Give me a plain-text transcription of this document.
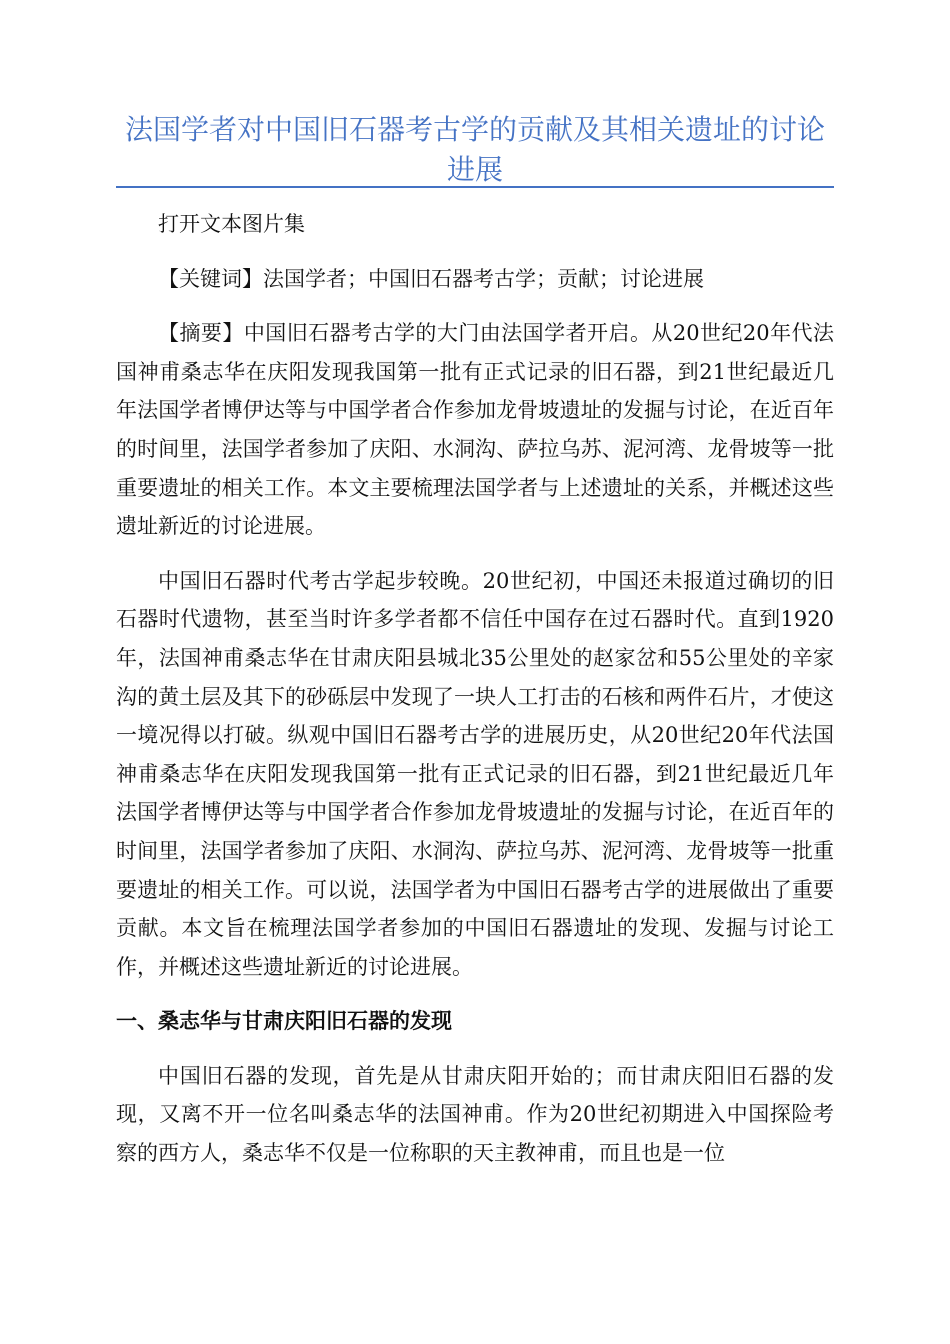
法国学者对中国旧石器考古学的贡献及其相关遗址的讨论进展

打开文本图片集

【关键词】法国学者；中国旧石器考古学；贡献；讨论进展

【摘要】中国旧石器考古学的大门由法国学者开启。从20世纪20年代法国神甫桑志华在庆阳发现我国第一批有正式记录的旧石器，到21世纪最近几年法国学者博伊达等与中国学者合作参加龙骨坡遗址的发掘与讨论，在近百年的时间里，法国学者参加了庆阳、水洞沟、萨拉乌苏、泥河湾、龙骨坡等一批重要遗址的相关工作。本文主要梳理法国学者与上述遗址的关系，并概述这些遗址新近的讨论进展。

中国旧石器时代考古学起步较晚。20世纪初，中国还未报道过确切的旧石器时代遗物，甚至当时许多学者都不信任中国存在过石器时代。直到1920年，法国神甫桑志华在甘肃庆阳县城北35公里处的赵家岔和55公里处的辛家沟的黄土层及其下的砂砾层中发现了一块人工打击的石核和两件石片，才使这一境况得以打破。纵观中国旧石器考古学的进展历史，从20世纪20年代法国神甫桑志华在庆阳发现我国第一批有正式记录的旧石器，到21世纪最近几年法国学者博伊达等与中国学者合作参加龙骨坡遗址的发掘与讨论，在近百年的时间里，法国学者参加了庆阳、水洞沟、萨拉乌苏、泥河湾、龙骨坡等一批重要遗址的相关工作。可以说，法国学者为中国旧石器考古学的进展做出了重要贡献。本文旨在梳理法国学者参加的中国旧石器遗址的发现、发掘与讨论工作，并概述这些遗址新近的讨论进展。

一、桑志华与甘肃庆阳旧石器的发现

中国旧石器的发现，首先是从甘肃庆阳开始的；而甘肃庆阳旧石器的发现，又离不开一位名叫桑志华的法国神甫。作为20世纪初期进入中国探险考察的西方人，桑志华不仅是一位称职的天主教神甫，而且也是一位
